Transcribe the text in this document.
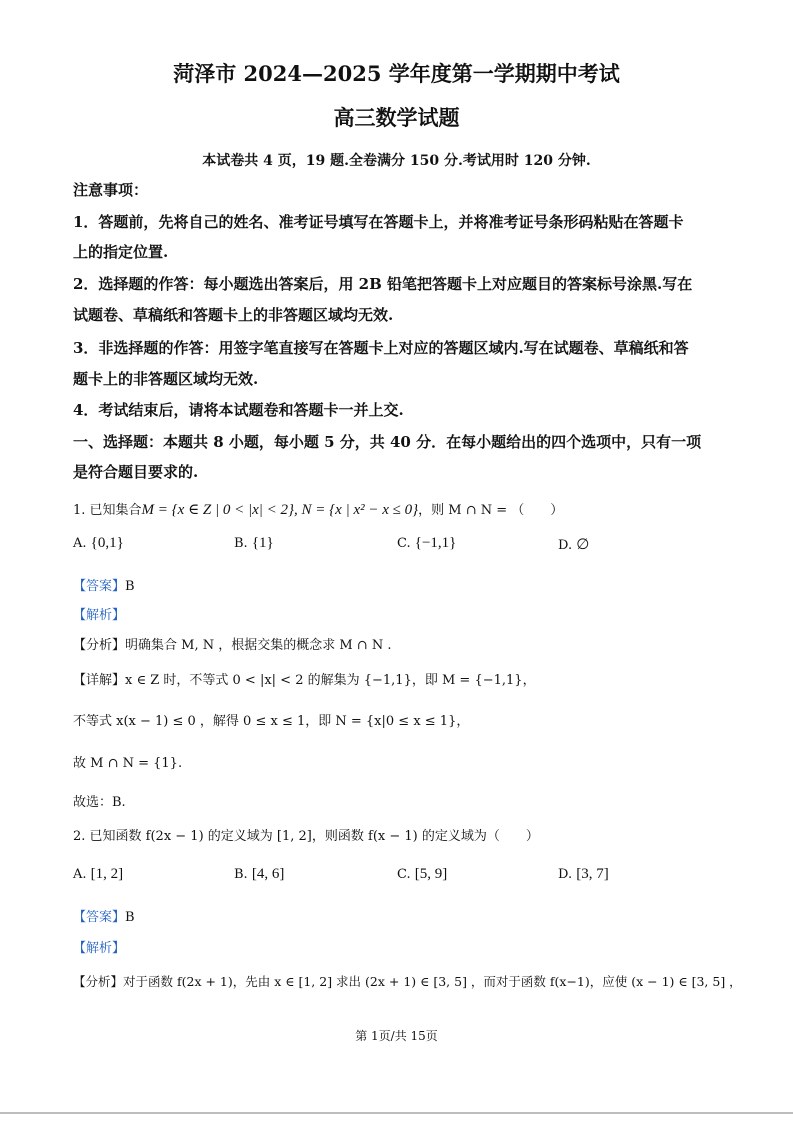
菏泽市 2024—2025 学年度第一学期期中考试
高三数学试题
本试卷共 4 页，19 题.全卷满分 150 分.考试用时 120 分钟.
注意事项：
1．答题前，先将自己的姓名、准考证号填写在答题卡上，并将准考证号条形码粘贴在答题卡
上的指定位置.
2．选择题的作答：每小题选出答案后，用 2B 铅笔把答题卡上对应题目的答案标号涂黑.写在
试题卷、草稿纸和答题卡上的非答题区域均无效.
3．非选择题的作答：用签字笔直接写在答题卡上对应的答题区域内.写在试题卷、草稿纸和答
题卡上的非答题区域均无效.
4．考试结束后，请将本试题卷和答题卡一并上交.
一、选择题：本题共 8 小题，每小题 5 分，共 40 分．在每小题给出的四个选项中，只有一项
是符合题目要求的.
1. 已知集合M = {x ∈ Z | 0 < |x| < 2}, N = {x | x² − x ≤ 0}，则 M ∩ N = （　　）
A. {0,1}	B. {1}	C. {−1,1}	D. ∅
【答案】B
【解析】
【分析】明确集合 M, N ，根据交集的概念求 M ∩ N .
【详解】x ∈ Z 时，不等式 0 < |x| < 2 的解集为 {−1,1}，即 M = {−1,1}，
不等式 x(x − 1) ≤ 0 ，解得 0 ≤ x ≤ 1，即 N = {x|0 ≤ x ≤ 1}，
故 M ∩ N = {1}.
故选：B.
2. 已知函数 f(2x − 1) 的定义域为 [1, 2]，则函数 f(x − 1) 的定义域为（　　）
A. [1, 2]	B. [4, 6]	C. [5, 9]	D. [3, 7]
【答案】B
【解析】
【分析】对于函数 f(2x + 1)，先由 x ∈ [1, 2] 求出 (2x + 1) ∈ [3, 5] ，而对于函数 f(x−1)，应使 (x − 1) ∈ [3, 5] ，
第 1页/共 15页
